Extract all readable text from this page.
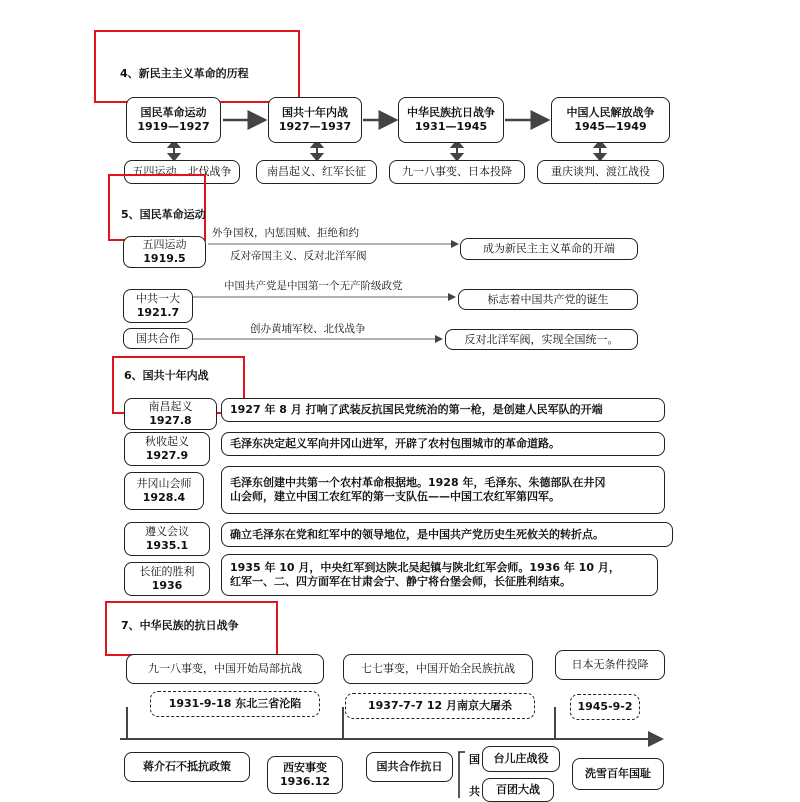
4、新民主主义革命的历程
国民革命运动
1919—1927
国共十年内战
1927—1937
中华民族抗日战争
1931—1945
中国人民解放战争
1945—1949
五四运动、北伐战争	南昌起义、红军长征	九一八事变、日本投降	重庆谈判、渡江战役
5、国民革命运动
五四运动
1919.5
外争国权，内惩国贼、拒绝和约
反对帝国主义、反对北洋军阀
成为新民主主义革命的开端
中共一大
1921.7
中国共产党是中国第一个无产阶级政党
标志着中国共产党的诞生
国共合作
创办黄埔军校、北伐战争
反对北洋军阀，实现全国统一。
6、国共十年内战
南昌起义
1927.8
1927 年 8 月 打响了武装反抗国民党统治的第一枪，是创建人民军队的开端
秋收起义
1927.9
毛泽东决定起义军向井冈山进军，开辟了农村包围城市的革命道路。
井冈山会师
1928.4
毛泽东创建中共第一个农村革命根据地。1928 年，毛泽东、朱德部队在井冈
山会师，建立中国工农红军的第一支队伍——中国工农红军第四军。
遵义会议
1935.1
确立毛泽东在党和红军中的领导地位，是中国共产党历史生死攸关的转折点。
长征的胜利
1936
1935 年 10 月，中央红军到达陕北吴起镇与陕北红军会师。1936 年 10 月，
红军一、二、四方面军在甘肃会宁、静宁将台堡会师，长征胜利结束。
7、中华民族的抗日战争
九一八事变，中国开始局部抗战	七七事变，中国开始全民族抗战	日本无条件投降
1931-9-18 东北三省沦陷	1937-7-7 12 月南京大屠杀	1945-9-2
蒋介石不抵抗政策	西安事变
1936.12
国共合作抗日
国
共
台儿庄战役
百团大战
洗雪百年国耻
